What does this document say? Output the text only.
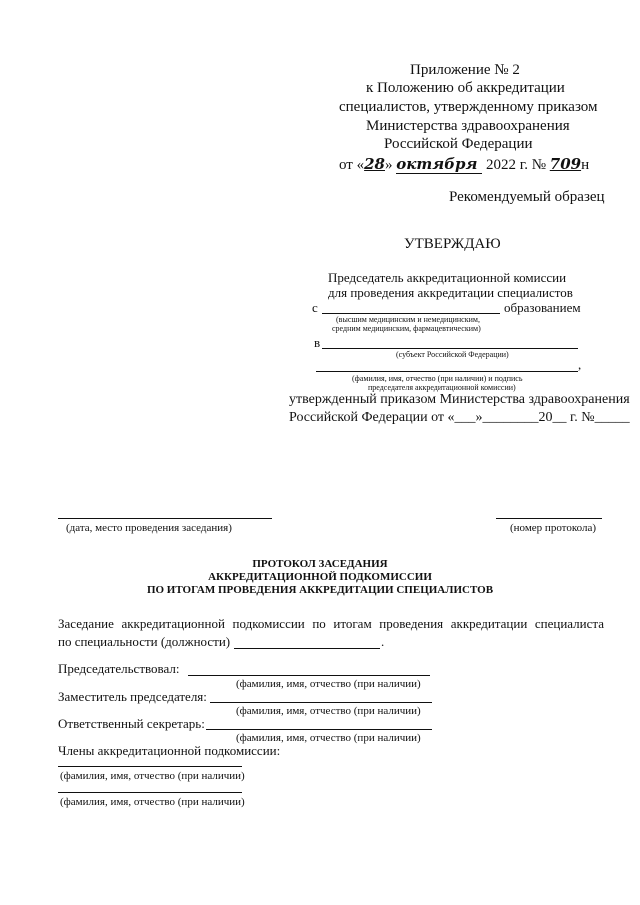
Приложение № 2
к Положению об аккредитации
специалистов, утвержденному приказом
Министерства здравоохранения
Российской Федерации
от «28» октября 2022 г. № 709н
Рекомендуемый образец
УТВЕРЖДАЮ
Председатель аккредитационной комиссии
для проведения аккредитации специалистов
с	образованием
(высшим медицинским и немедицинским,
средним медицинским, фармацевтическим)
в
(субъект Российской Федерации)
,
(фамилия, имя, отчество (при наличии) и подпись
председателя аккредитационной комиссии)
утвержденный приказом Министерства здравоохранения
Российской Федерации от «___»________20__ г. №_____
(дата, место проведения заседания)	(номер протокола)
ПРОТОКОЛ ЗАСЕДАНИЯ
АККРЕДИТАЦИОННОЙ ПОДКОМИССИИ
ПО ИТОГАМ ПРОВЕДЕНИЯ АККРЕДИТАЦИИ СПЕЦИАЛИСТОВ
Заседание аккредитационной подкомиссии по итогам проведения аккредитации специалиста
по специальности (должности)	.
Председательствовал:
(фамилия, имя, отчество (при наличии)
Заместитель председателя:
(фамилия, имя, отчество (при наличии)
Ответственный секретарь:
(фамилия, имя, отчество (при наличии)
Члены аккредитационной подкомиссии:
(фамилия, имя, отчество (при наличии)
(фамилия, имя, отчество (при наличии)
